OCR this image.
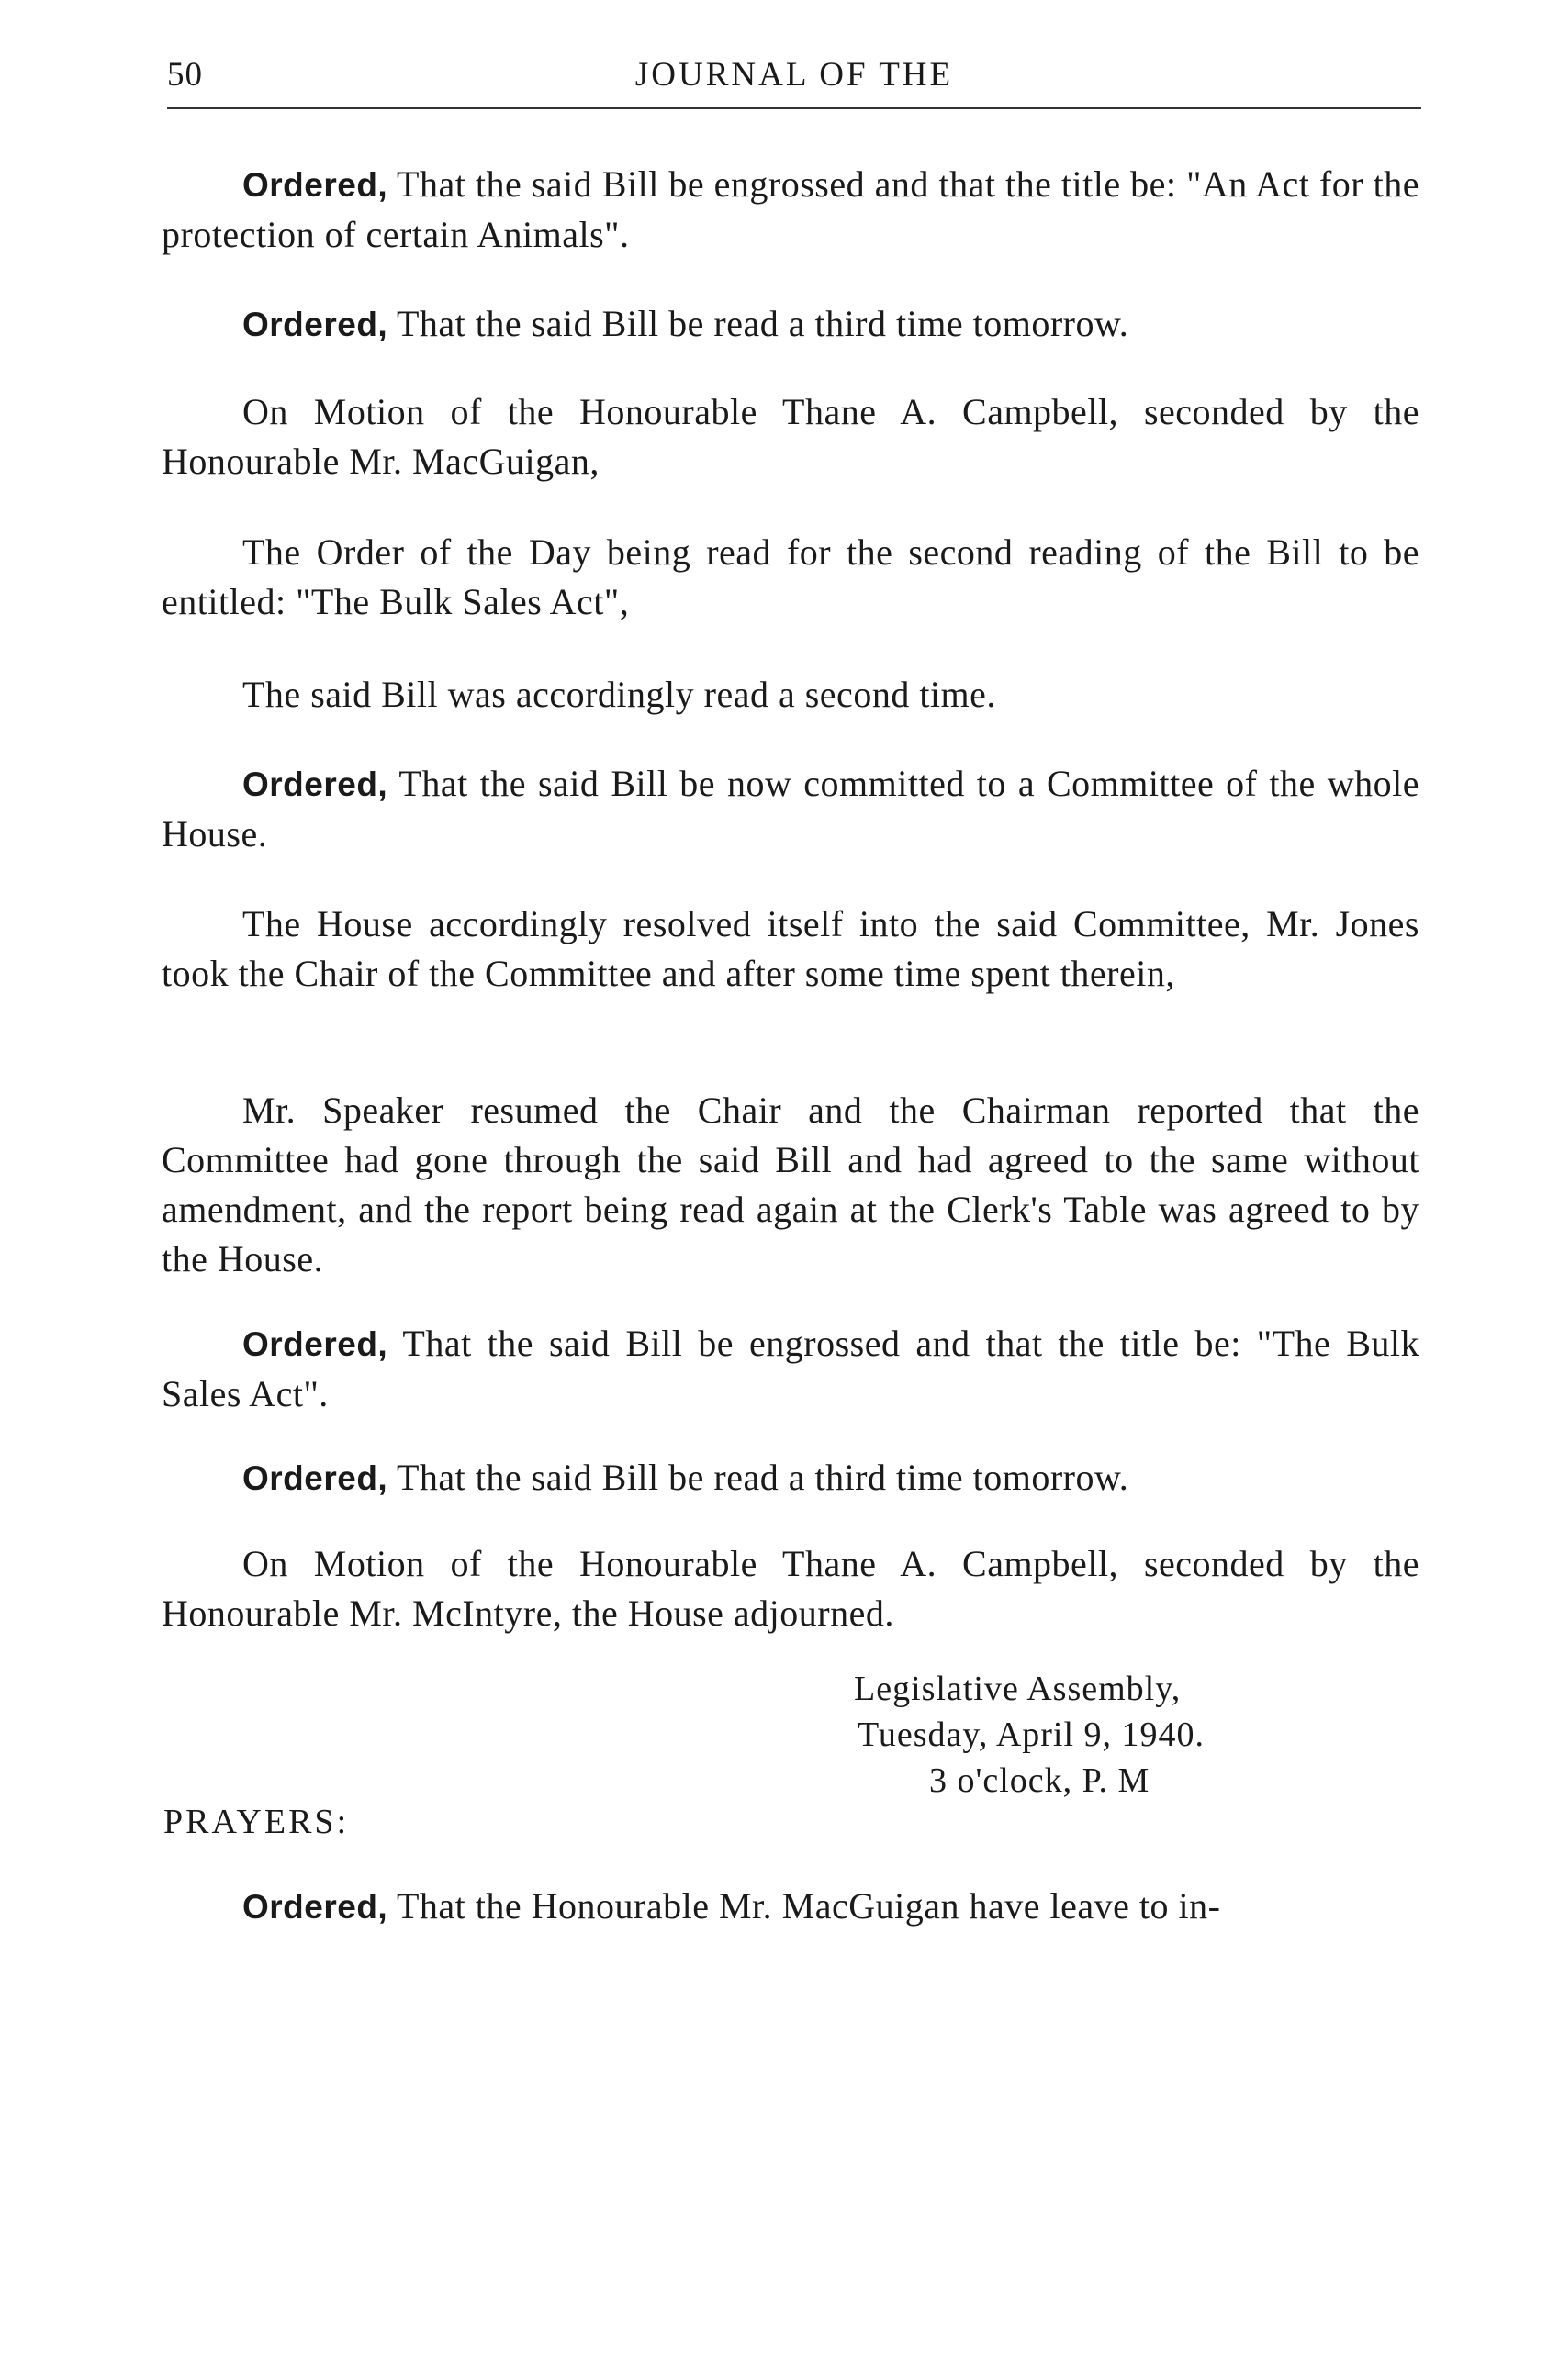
50	JOURNAL OF THE

Ordered, That the said Bill be engrossed and that the title be: "An Act for the protection of certain Animals".

Ordered, That the said Bill be read a third time tomorrow.

On Motion of the Honourable Thane A. Campbell, seconded by the Honourable Mr. MacGuigan,

The Order of the Day being read for the second reading of the Bill to be entitled: "The Bulk Sales Act",

The said Bill was accordingly read a second time.

Ordered, That the said Bill be now committed to a Committee of the whole House.

The House accordingly resolved itself into the said Committee, Mr. Jones took the Chair of the Committee and after some time spent therein,

Mr. Speaker resumed the Chair and the Chairman reported that the Committee had gone through the said Bill and had agreed to the same without amendment, and the report being read again at the Clerk's Table was agreed to by the House.

Ordered, That the said Bill be engrossed and that the title be: "The Bulk Sales Act".

Ordered, That the said Bill be read a third time tomorrow.

On Motion of the Honourable Thane A. Campbell, seconded by the Honourable Mr. McIntyre, the House adjourned.

Legislative Assembly,
Tuesday, April 9, 1940.
3 o'clock, P. M
PRAYERS:

Ordered, That the Honourable Mr. MacGuigan have leave to in-
